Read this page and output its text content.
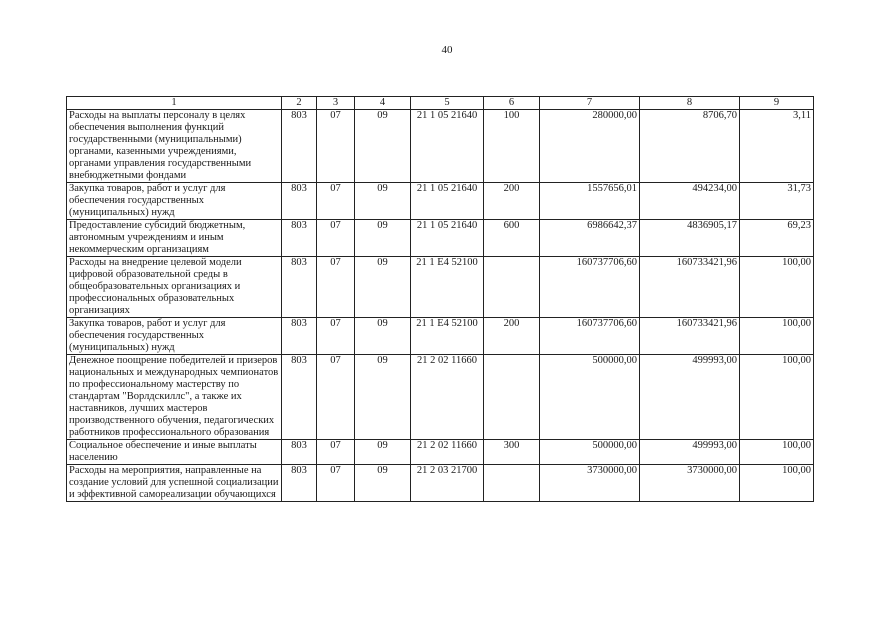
40
1	2	3	4	5	6	7	8	9
Расходы на выплаты персоналу в целях обеспечения выполнения функций государственными (муниципальными) органами, казенными учреждениями, органами управления государственными внебюджетными фондами	803	07	09	21 1 05 21640	100	280000,00	8706,70	3,11
Закупка товаров, работ и услуг для обеспечения государственных (муниципальных) нужд	803	07	09	21 1 05 21640	200	1557656,01	494234,00	31,73
Предоставление субсидий бюджетным, автономным учреждениям и иным некоммерческим организациям	803	07	09	21 1 05 21640	600	6986642,37	4836905,17	69,23
Расходы на внедрение целевой модели цифровой образовательной среды в общеобразовательных организациях и профессиональных образовательных организациях	803	07	09	21 1 E4 52100		160737706,60	160733421,96	100,00
Закупка товаров, работ и услуг для обеспечения государственных (муниципальных) нужд	803	07	09	21 1 E4 52100	200	160737706,60	160733421,96	100,00
Денежное поощрение победителей и призеров национальных и международных чемпионатов по профессиональному мастерству по стандартам "Ворлдскиллс", а также их наставников, лучших мастеров производственного обучения, педагогических работников профессионального образования	803	07	09	21 2 02 11660		500000,00	499993,00	100,00
Социальное обеспечение и иные выплаты населению	803	07	09	21 2 02 11660	300	500000,00	499993,00	100,00
Расходы на мероприятия, направленные на создание условий для успешной социализации и эффективной самореализации обучающихся	803	07	09	21 2 03 21700		3730000,00	3730000,00	100,00
